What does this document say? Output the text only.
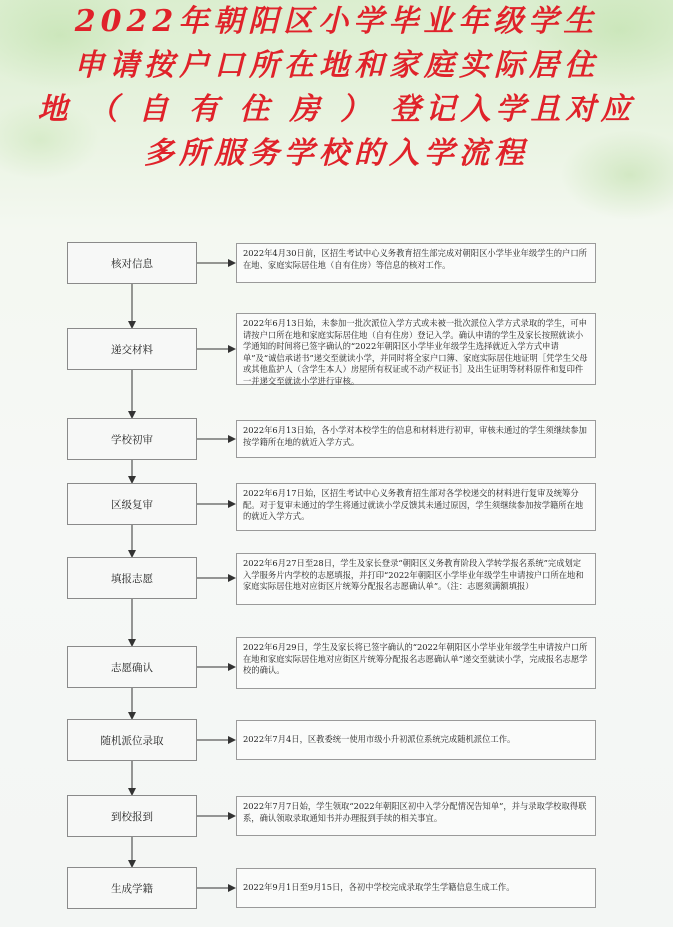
2022年朝阳区小学毕业年级学生
申请按户口所在地和家庭实际居住
地 （ 自 有 住 房 ） 登记入学且对应
多所服务学校的入学流程
核对信息
递交材料
学校初审
区级复审
填报志愿
志愿确认
随机派位录取
到校报到
生成学籍
2022年4月30日前，区招生考试中心义务教育招生部完成对朝阳区小学毕业年级学生的户口所在地、家庭实际居住地（自有住房）等信息的核对工作。
2022年6月13日始，未参加一批次派位入学方式或未被一批次派位入学方式录取的学生，可申请按户口所在地和家庭实际居住地（自有住房）登记入学。确认申请的学生及家长按照就读小学通知的时间将已签字确认的“2022年朝阳区小学毕业年级学生选择就近入学方式申请单”及“诚信承诺书”递交至就读小学，并同时将全家户口簿、家庭实际居住地证明［凭学生父母或其他监护人（含学生本人）房屋所有权证或不动产权证书］及出生证明等材料原件和复印件一并递交至就读小学进行审核。
2022年6月13日始，各小学对本校学生的信息和材料进行初审，审核未通过的学生须继续参加按学籍所在地的就近入学方式。
2022年6月17日始，区招生考试中心义务教育招生部对各学校递交的材料进行复审及统筹分配。对于复审未通过的学生将通过就读小学反馈其未通过原因，学生须继续参加按学籍所在地的就近入学方式。
2022年6月27日至28日，学生及家长登录“朝阳区义务教育阶段入学转学报名系统”完成划定入学服务片内学校的志愿填报，并打印“2022年朝阳区小学毕业年级学生申请按户口所在地和家庭实际居住地对应街区片统筹分配报名志愿确认单”。（注：志愿须满额填报）
2022年6月29日，学生及家长将已签字确认的“2022年朝阳区小学毕业年级学生申请按户口所在地和家庭实际居住地对应街区片统筹分配报名志愿确认单”递交至就读小学，完成报名志愿学校的确认。
2022年7月4日，区教委统一使用市级小升初派位系统完成随机派位工作。
2022年7月7日始，学生领取“2022年朝阳区初中入学分配情况告知单”，并与录取学校取得联系，确认领取录取通知书并办理报到手续的相关事宜。
2022年9月1日至9月15日，各初中学校完成录取学生学籍信息生成工作。
